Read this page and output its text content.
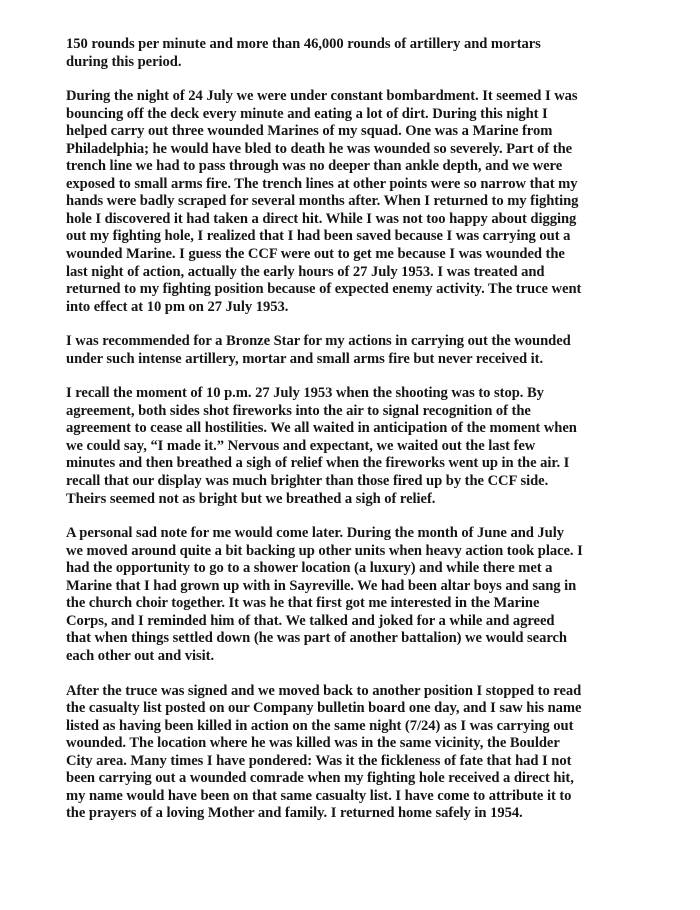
150 rounds per minute and more than 46,000 rounds of artillery and mortars
during this period.

During the night of 24 July we were under constant bombardment. It seemed I was
bouncing off the deck every minute and eating a lot of dirt. During this night I
helped carry out three wounded Marines of my squad. One was a Marine from
Philadelphia; he would have bled to death he was wounded so severely. Part of the
trench line we had to pass through was no deeper than ankle depth, and we were
exposed to small arms fire. The trench lines at other points were so narrow that my
hands were badly scraped for several months after. When I returned to my fighting
hole I discovered it had taken a direct hit. While I was not too happy about digging
out my fighting hole, I realized that I had been saved because I was carrying out a
wounded Marine. I guess the CCF were out to get me because I was wounded the
last night of action, actually the early hours of 27 July 1953. I was treated and
returned to my fighting position because of expected enemy activity. The truce went
into effect at 10 pm on 27 July 1953.

I was recommended for a Bronze Star for my actions in carrying out the wounded
under such intense artillery, mortar and small arms fire but never received it.

I recall the moment of 10 p.m. 27 July 1953 when the shooting was to stop. By
agreement, both sides shot fireworks into the air to signal recognition of the
agreement to cease all hostilities. We all waited in anticipation of the moment when
we could say, “I made it.” Nervous and expectant, we waited out the last few
minutes and then breathed a sigh of relief when the fireworks went up in the air. I
recall that our display was much brighter than those fired up by the CCF side.
Theirs seemed not as bright but we breathed a sigh of relief.

A personal sad note for me would come later. During the month of June and July
we moved around quite a bit backing up other units when heavy action took place. I
had the opportunity to go to a shower location (a luxury) and while there met a
Marine that I had grown up with in Sayreville. We had been altar boys and sang in
the church choir together. It was he that first got me interested in the Marine
Corps, and I reminded him of that. We talked and joked for a while and agreed
that when things settled down (he was part of another battalion) we would search
each other out and visit.

After the truce was signed and we moved back to another position I stopped to read
the casualty list posted on our Company bulletin board one day, and I saw his name
listed as having been killed in action on the same night (7/24) as I was carrying out
wounded. The location where he was killed was in the same vicinity, the Boulder
City area. Many times I have pondered: Was it the fickleness of fate that had I not
been carrying out a wounded comrade when my fighting hole received a direct hit,
my name would have been on that same casualty list. I have come to attribute it to
the prayers of a loving Mother and family. I returned home safely in 1954.
